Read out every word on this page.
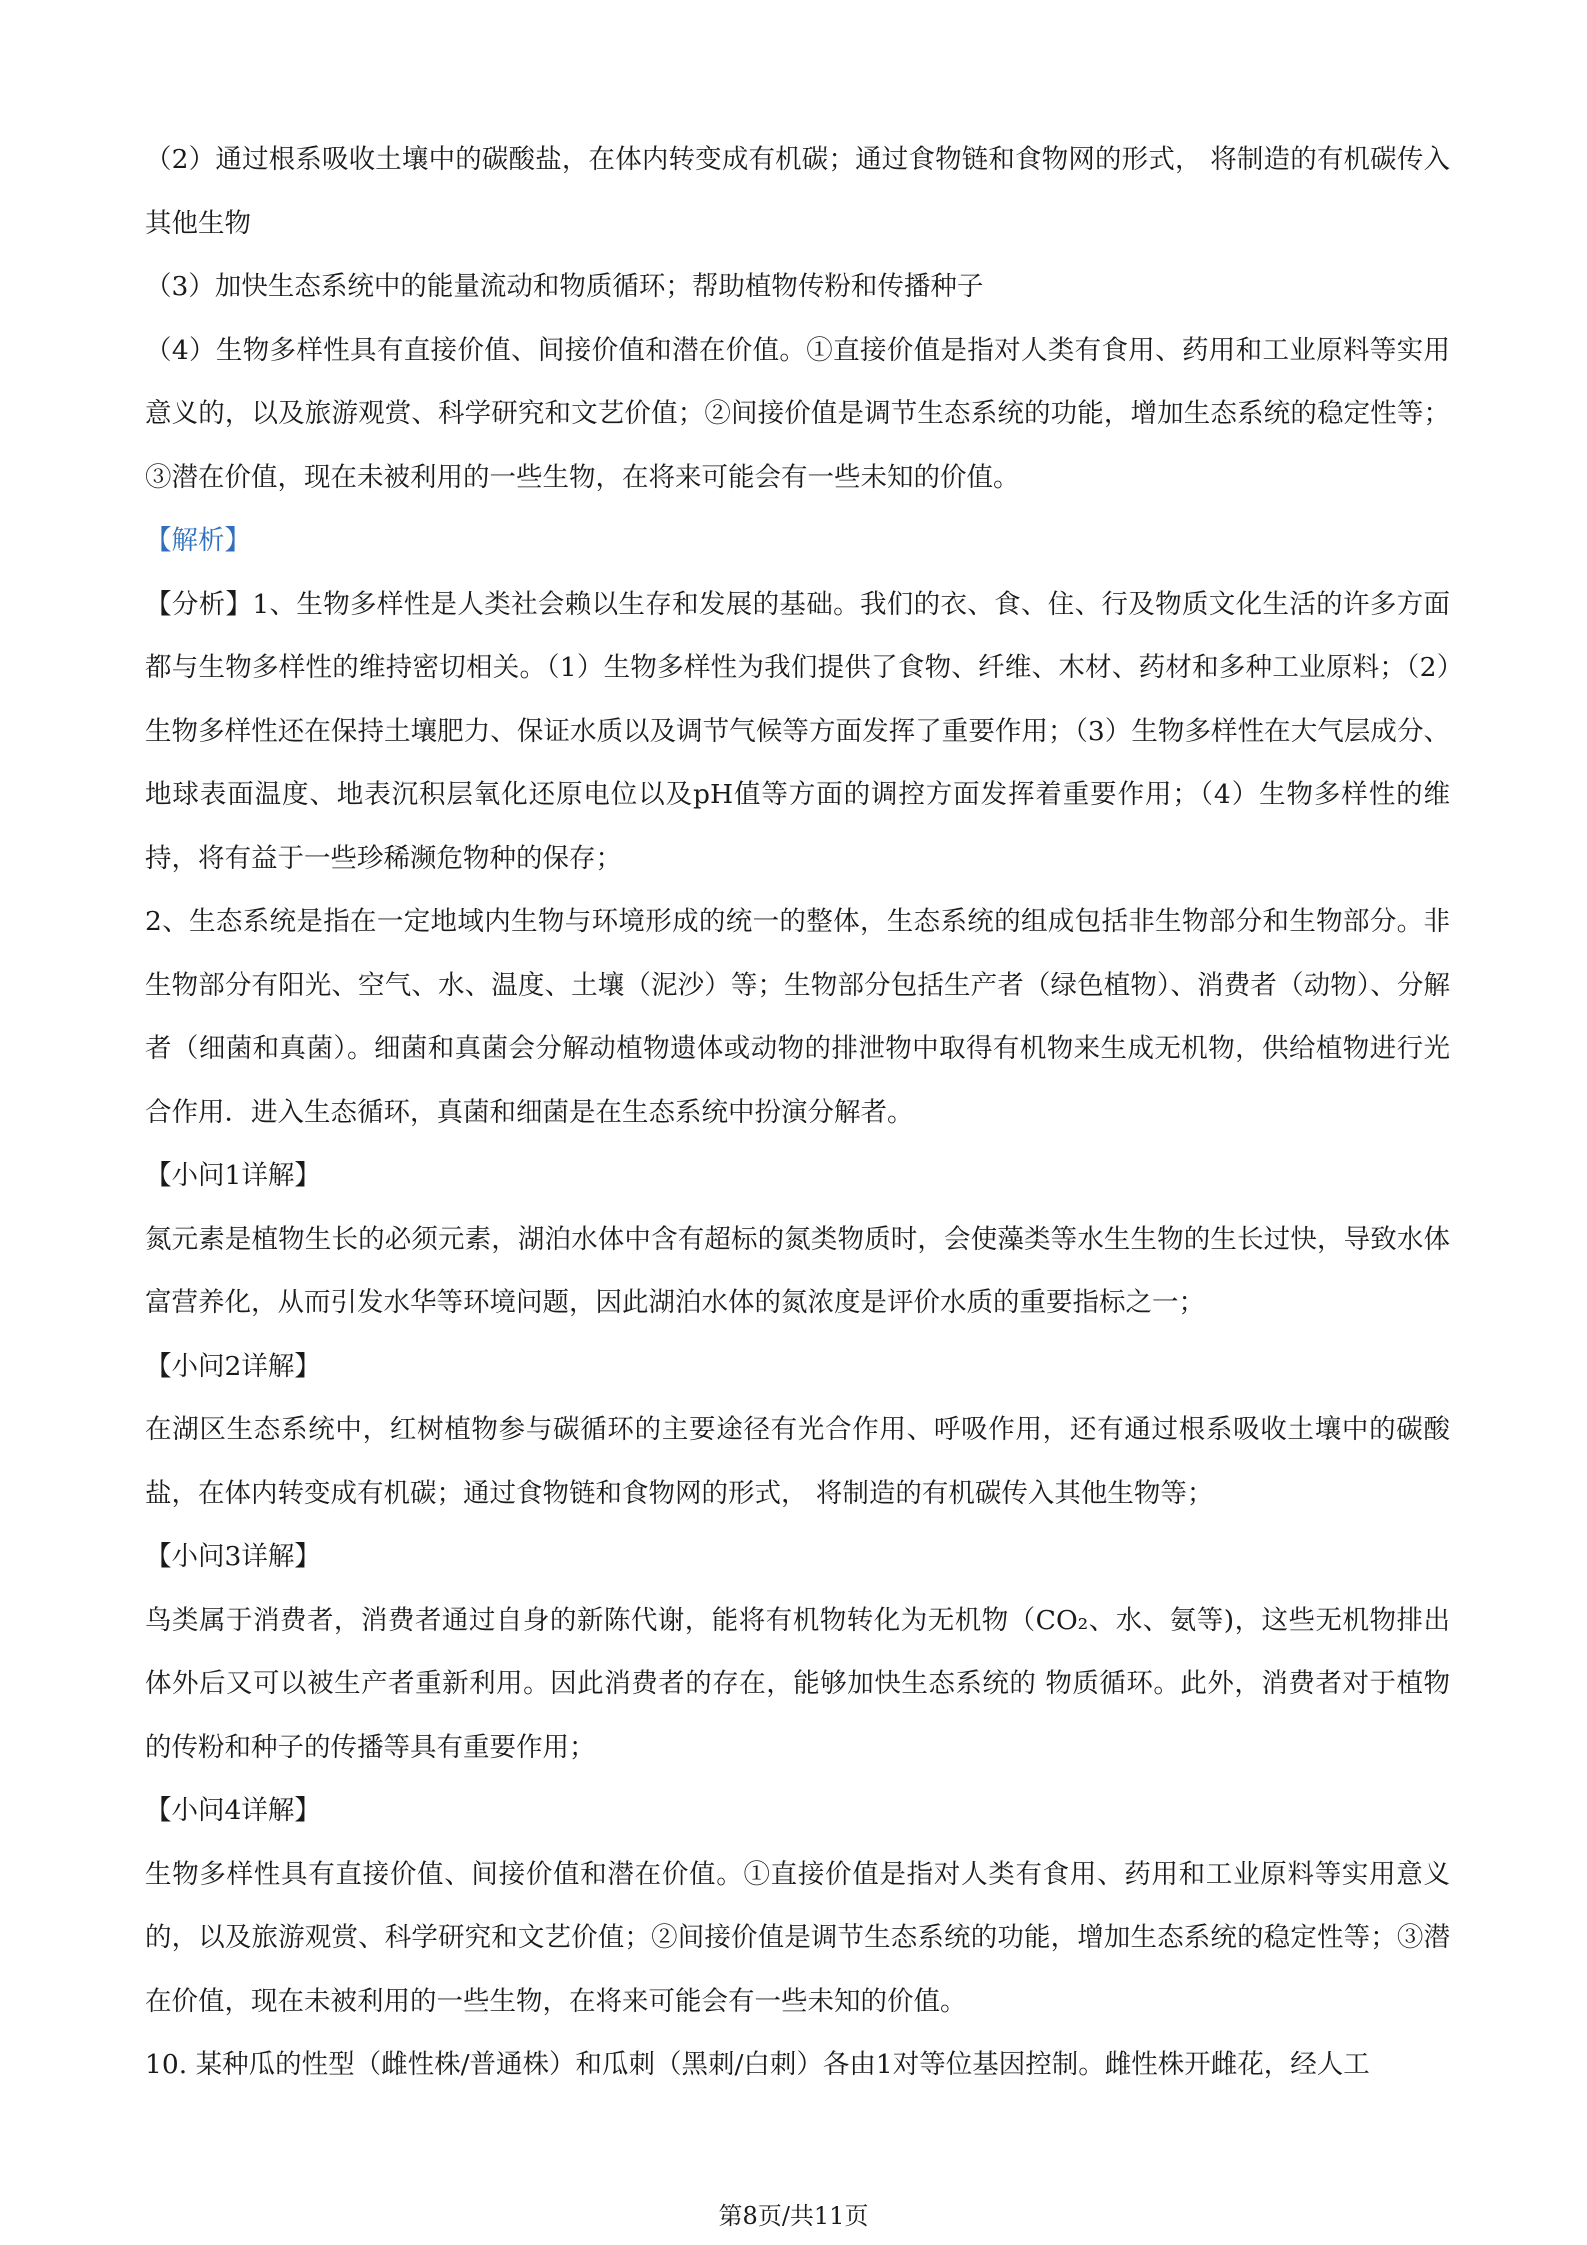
（2）通过根系吸收土壤中的碳酸盐，在体内转变成有机碳；通过食物链和食物网的形式， 将制造的有机碳传入其他生物

（3）加快生态系统中的能量流动和物质循环；帮助植物传粉和传播种子

（4）生物多样性具有直接价值、间接价值和潜在价值。①直接价值是指对人类有食用、药用和工业原料等实用意义的，以及旅游观赏、科学研究和文艺价值；②间接价值是调节生态系统的功能，增加生态系统的稳定性等；③潜在价值，现在未被利用的一些生物，在将来可能会有一些未知的价值。

【解析】

【分析】1、生物多样性是人类社会赖以生存和发展的基础。我们的衣、食、住、行及物质文化生活的许多方面都与生物多样性的维持密切相关。（1）生物多样性为我们提供了食物、纤维、木材、药材和多种工业原料；（2）生物多样性还在保持土壤肥力、保证水质以及调节气候等方面发挥了重要作用；（3）生物多样性在大气层成分、地球表面温度、地表沉积层氧化还原电位以及pH值等方面的调控方面发挥着重要作用；（4）生物多样性的维持，将有益于一些珍稀濒危物种的保存；

2、生态系统是指在一定地域内生物与环境形成的统一的整体，生态系统的组成包括非生物部分和生物部分。非生物部分有阳光、空气、水、温度、土壤（泥沙）等；生物部分包括生产者（绿色植物）、消费者（动物）、分解者（细菌和真菌）。细菌和真菌会分解动植物遗体或动物的排泄物中取得有机物来生成无机物，供给植物进行光合作用．进入生态循环，真菌和细菌是在生态系统中扮演分解者。

【小问1详解】

氮元素是植物生长的必须元素，湖泊水体中含有超标的氮类物质时，会使藻类等水生生物的生长过快，导致水体富营养化，从而引发水华等环境问题，因此湖泊水体的氮浓度是评价水质的重要指标之一；

【小问2详解】

在湖区生态系统中，红树植物参与碳循环的主要途径有光合作用、呼吸作用，还有通过根系吸收土壤中的碳酸盐，在体内转变成有机碳；通过食物链和食物网的形式， 将制造的有机碳传入其他生物等；

【小问3详解】

鸟类属于消费者，消费者通过自身的新陈代谢，能将有机物转化为无机物（CO₂、水、氨等)，这些无机物排出体外后又可以被生产者重新利用。因此消费者的存在，能够加快生态系统的 物质循环。此外，消费者对于植物的传粉和种子的传播等具有重要作用；

【小问4详解】

生物多样性具有直接价值、间接价值和潜在价值。①直接价值是指对人类有食用、药用和工业原料等实用意义的，以及旅游观赏、科学研究和文艺价值；②间接价值是调节生态系统的功能，增加生态系统的稳定性等；③潜在价值，现在未被利用的一些生物，在将来可能会有一些未知的价值。

10. 某种瓜的性型（雌性株/普通株）和瓜刺（黑刺/白刺）各由1对等位基因控制。雌性株开雌花，经人工

第8页/共11页
